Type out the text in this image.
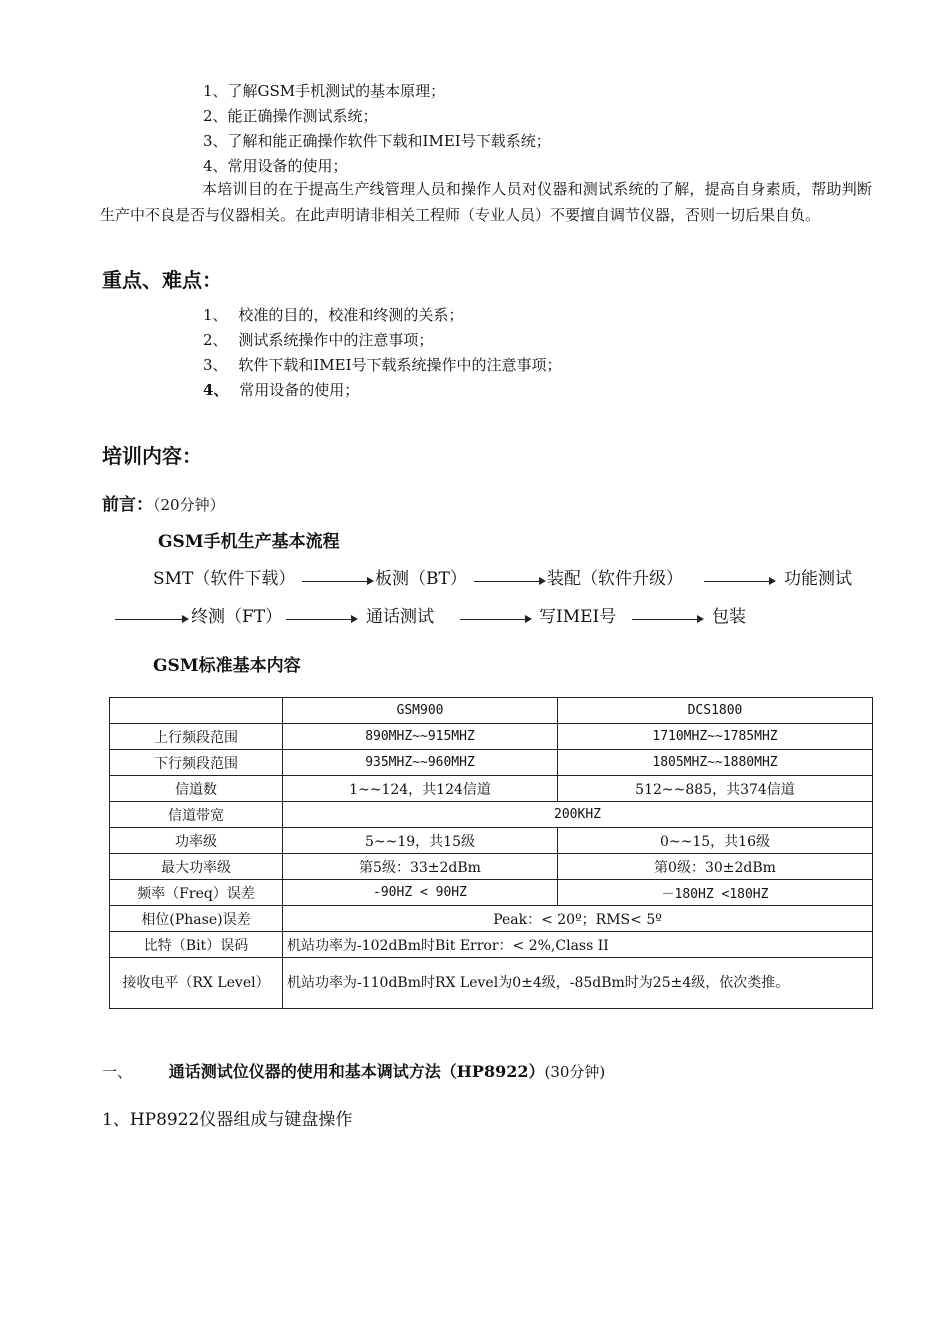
1、了解GSM手机测试的基本原理；
2、能正确操作测试系统；
3、了解和能正确操作软件下载和IMEI号下载系统；
4、常用设备的使用；
本培训目的在于提高生产线管理人员和操作人员对仪器和测试系统的了解，提高自身素质，帮助判断生产中不良是否与仪器相关。在此声明请非相关工程师（专业人员）不要擅自调节仪器，否则一切后果自负。
重点、难点：
1、 校准的目的，校准和终测的关系；
2、 测试系统操作中的注意事项；
3、 软件下载和IMEI号下载系统操作中的注意事项；
4、 常用设备的使用；
培训内容：
前言：（20分钟）
GSM手机生产基本流程
SMT（软件下载）	板测（BT）	装配（软件升级）	功能测试
终测（FT）	通话测试	写IMEI号	包装
GSM标准基本内容
	GSM900	DCS1800
上行频段范围	890MHZ~~915MHZ	1710MHZ~~1785MHZ
下行频段范围	935MHZ~~960MHZ	1805MHZ~~1880MHZ
信道数	1~~124，共124信道	512~~885，共374信道
信道带宽	200KHZ	
功率级	5~~19，共15级	0~~15，共16级
最大功率级	第5级：33±2dBm	第0级：30±2dBm
频率（Freq）误差	-90HZ < 90HZ	－180HZ <180HZ
相位(Phase)误差	Peak：< 20º；RMS< 5º	
比特（Bit）误码	机站功率为-102dBm时Bit Error：< 2%,Class II	
接收电平（RX Level）	机站功率为-110dBm时RX Level为0±4级，-85dBm时为25±4级，依次类推。	
一、 通话测试位仪器的使用和基本调试方法（HP8922）(30分钟)
1、HP8922仪器组成与键盘操作
